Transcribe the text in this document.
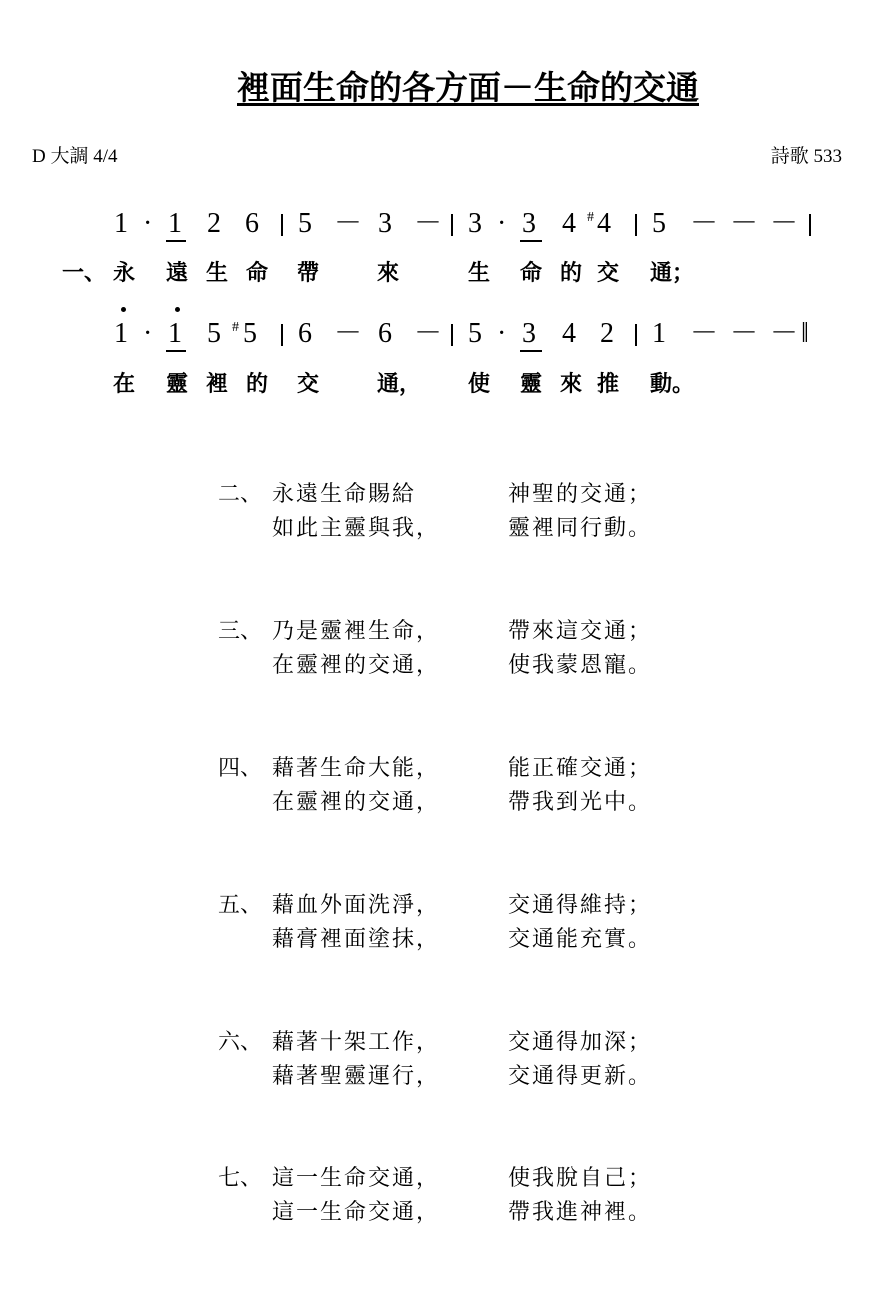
裡面生命的各方面－生命的交通
D 大調 4/4	詩歌 533
1 · 1 2 6 5 － 3 － 3 · 3 4 # 4 5 － － －
一、 永 遠 生 命 帶	來	生 命 的 交 通；
1 · 1 5 # 5 6 － 6 － 5 · 3 4 2 1 － － － ‖
在 靈 裡 的 交	通， 使 靈 來 推 動。
二、 永遠生命賜給	神聖的交通；
如此主靈與我，	靈裡同行動。
三、 乃是靈裡生命，	帶來這交通；
在靈裡的交通，	使我蒙恩寵。
四、 藉著生命大能，	能正確交通；
在靈裡的交通，	帶我到光中。
五、 藉血外面洗淨，	交通得維持；
藉膏裡面塗抹，	交通能充實。
六、 藉著十架工作，	交通得加深；
藉著聖靈運行，	交通得更新。
七、 這一生命交通，	使我脫自己；
這一生命交通，	帶我進神裡。
